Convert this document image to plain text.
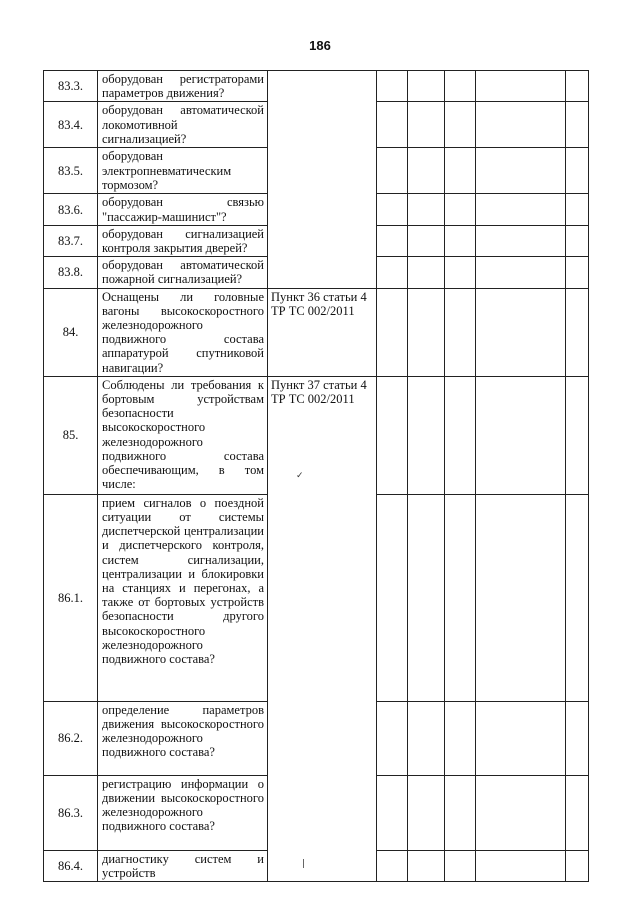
186
83.3.	оборудован регистраторами параметров движения?						
83.4.	оборудован автоматической локомотивной сигнализацией?						
83.5.	оборудован электропневматическим тормозом?						
83.6.	оборудован связью "пассажир-машинист"?						
83.7.	оборудован сигнализацией контроля закрытия дверей?						
83.8.	оборудован автоматической пожарной сигнализацией?						
84.	Оснащены ли головные вагоны высокоскоростного железнодорожного подвижного состава аппаратурой спутниковой навигации?	Пункт 36 статьи 4 ТР ТС 002/2011					
85.	Соблюдены ли требования к бортовым устройствам безопасности высокоскоростного железнодорожного подвижного состава обеспечивающим, в том числе:	Пункт 37 статьи 4 ТР ТС 002/2011
✓
|					

86.1.	прием сигналов о поездной ситуации от системы диспетчерской централизации и диспетчерского контроля, систем сигнализации, централизации и блокировки на станциях и перегонах, а также от бортовых устройств безопасности другого высокоскоростного железнодорожного подвижного состава?						
86.2.	определение параметров движения высокоскоростного железнодорожного подвижного состава?						
86.3.	регистрацию информации о движении высокоскоростного железнодорожного подвижного состава?						
86.4.	диагностику систем и устройств						
